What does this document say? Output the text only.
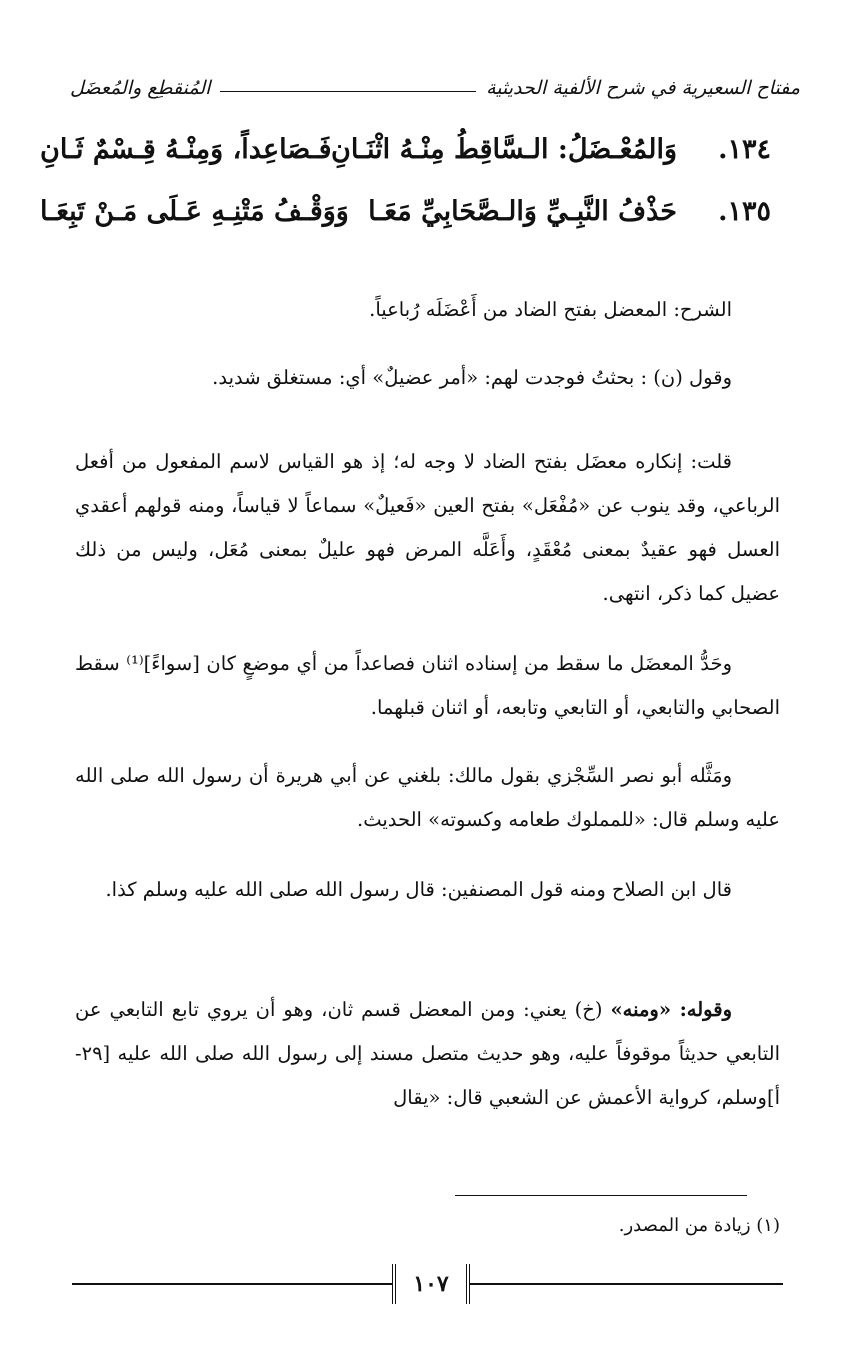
مفتاح السعيرية في شرح الألفية الحديثية
المُنقطِع والمُعضَل
١٣٤.
وَالمُعْـضَلُ: الـسَّاقِطُ مِنْـهُ اثْنَـانِ
فَـصَاعِداً، وَمِنْـهُ قِـسْمٌ ثَـانِ
١٣٥.
حَذْفُ النَّبِـيِّ وَالـصَّحَابِيِّ مَعَـا
وَوَقْـفُ مَتْنِـهِ عَـلَى مَـنْ تَبِعَـا

الشرح: المعضل بفتح الضاد من أَعْضَلَه رُباعياً.

وقول (ن) : بحثتُ فوجدت لهم: «أمر عضيلٌ» أي: مستغلق شديد.

قلت: إنكاره معضَل بفتح الضاد لا وجه له؛ إذ هو القياس لاسم المفعول من أفعل الرباعي، وقد ينوب عن «مُفْعَل» بفتح العين «فَعيلٌ» سماعاً لا قياساً، ومنه قولهم أعقدي العسل فهو عقيدٌ بمعنى مُعْقَدٍ، وأَعَلَّه المرض فهو عليلٌ بمعنى مُعَل، وليس من ذلك عضيل كما ذكر، انتهى.

وحَدُّ المعضَل ما سقط من إسناده اثنان فصاعداً من أي موضعٍ كان [سواءً]⁽¹⁾ سقط الصحابي والتابعي، أو التابعي وتابعه، أو اثنان قبلهما.

ومَثَّله أبو نصر السِّجْزي بقول مالك: بلغني عن أبي هريرة أن رسول الله صلى الله عليه وسلم قال: «للمملوك طعامه وكسوته» الحديث.

قال ابن الصلاح ومنه قول المصنفين: قال رسول الله صلى الله عليه وسلم كذا.

وقوله: «ومنه» (خ) يعني: ومن المعضل قسم ثان، وهو أن يروي تابع التابعي عن التابعي حديثاً موقوفاً عليه، وهو حديث متصل مسند إلى رسول الله صلى الله عليه [٢٩-أ]وسلم، كرواية الأعمش عن الشعبي قال: «يقال

(١) زيادة من المصدر.
١٠٧
